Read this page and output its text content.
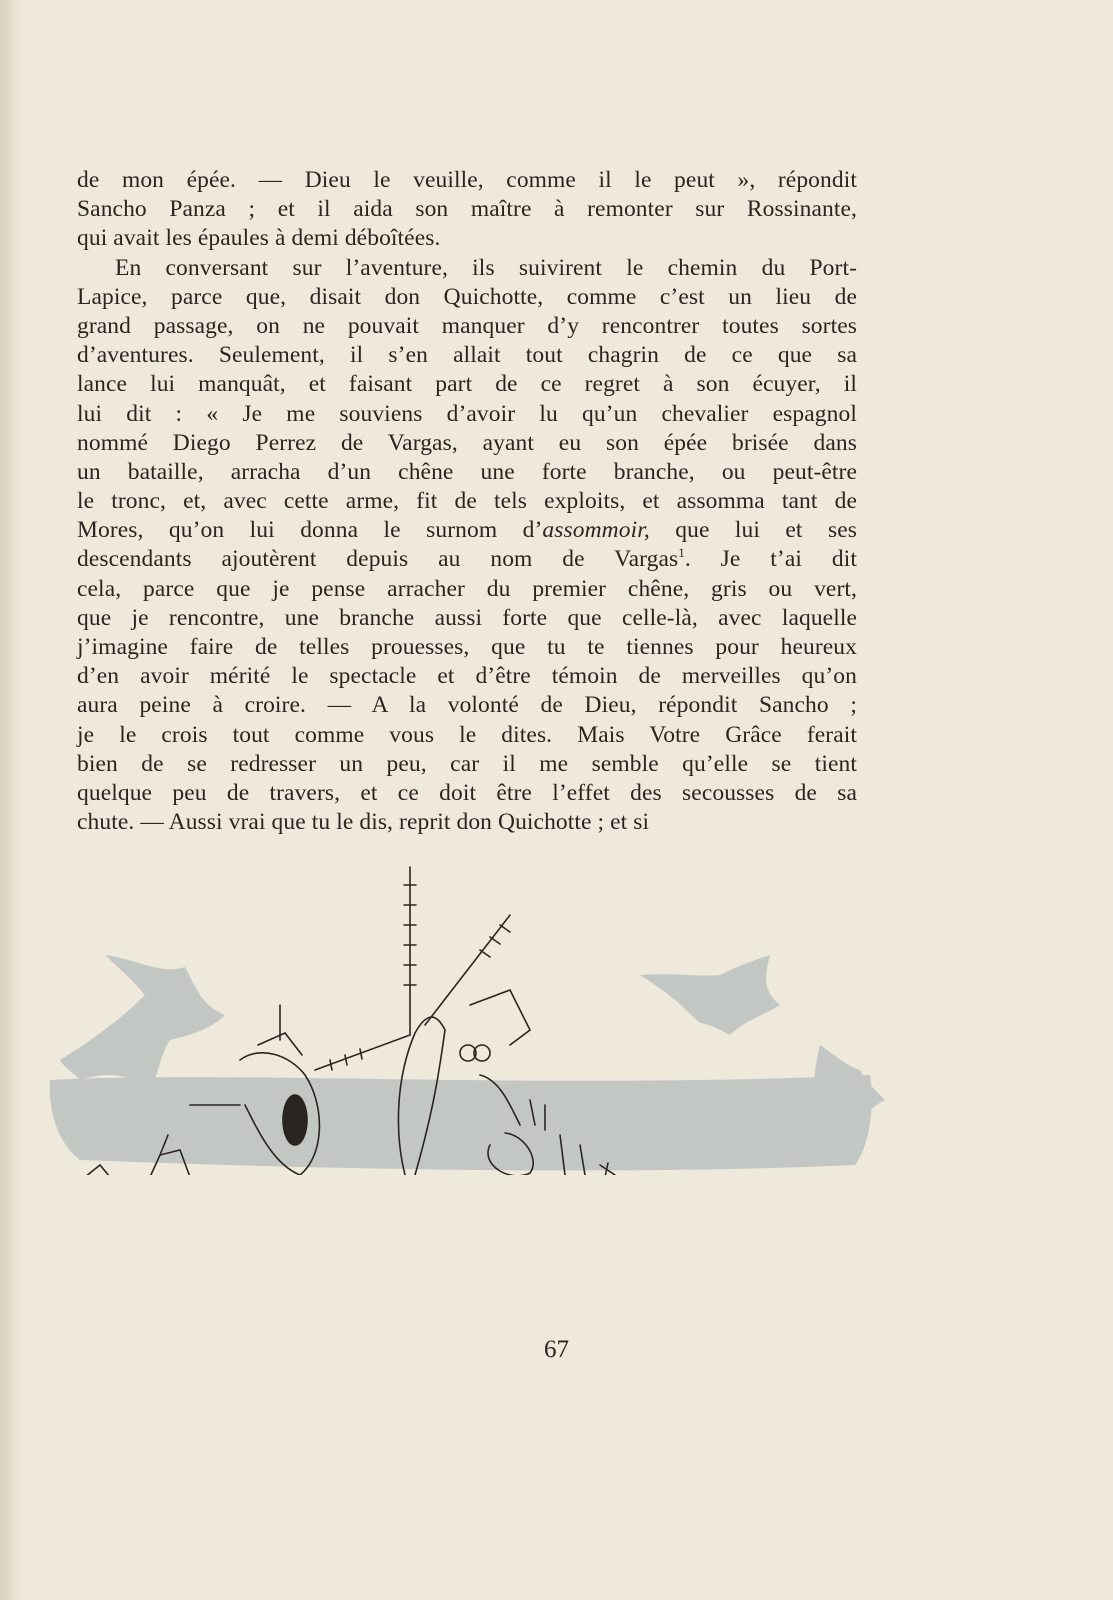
de mon épée. — Dieu le veuille, comme il le peut », répondit
Sancho Panza ; et il aida son maître à remonter sur Rossinante,
qui avait les épaules à demi déboîtées.
En conversant sur l’aventure, ils suivirent le chemin du Port-
Lapice, parce que, disait don Quichotte, comme c’est un lieu de
grand passage, on ne pouvait manquer d’y rencontrer toutes sortes
d’aventures. Seulement, il s’en allait tout chagrin de ce que sa
lance lui manquât, et faisant part de ce regret à son écuyer, il
lui dit : « Je me souviens d’avoir lu qu’un chevalier espagnol
nommé Diego Perrez de Vargas, ayant eu son épée brisée dans
un bataille, arracha d’un chêne une forte branche, ou peut-être
le tronc, et, avec cette arme, fit de tels exploits, et assomma tant de
Mores, qu’on lui donna le surnom d’assommoir, que lui et ses
descendants ajoutèrent depuis au nom de Vargas$^1$. Je t’ai dit
cela, parce que je pense arracher du premier chêne, gris ou vert,
que je rencontre, une branche aussi forte que celle-là, avec laquelle
j’imagine faire de telles prouesses, que tu te tiennes pour heureux
d’en avoir mérité le spectacle et d’être témoin de merveilles qu’on
aura peine à croire. — A la volonté de Dieu, répondit Sancho ;
je le crois tout comme vous le dites. Mais Votre Grâce ferait
bien de se redresser un peu, car il me semble qu’elle se tient
quelque peu de travers, et ce doit être l’effet des secousses de sa
chute. — Aussi vrai que tu le dis, reprit don Quichotte ; et si
67
